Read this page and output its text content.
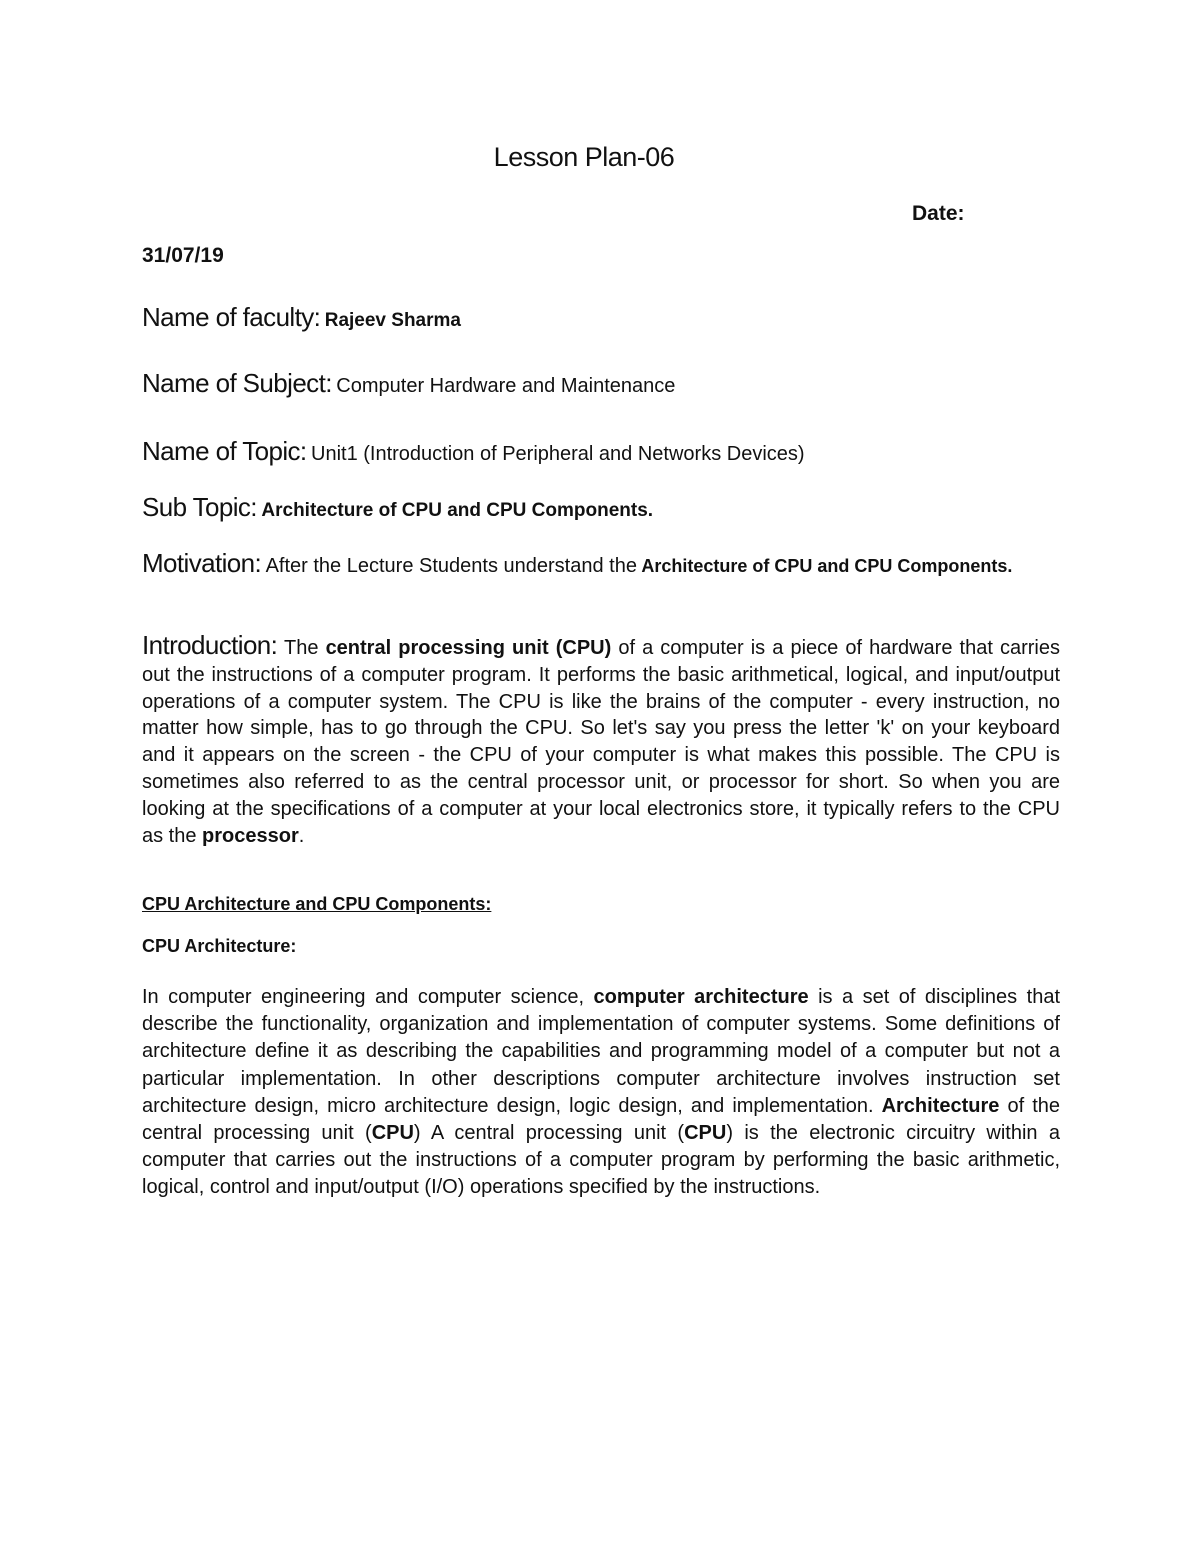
Lesson Plan-06
Date:
31/07/19
Name of faculty: Rajeev Sharma
Name of Subject: Computer Hardware and Maintenance
Name of Topic: Unit1 (Introduction of Peripheral and Networks Devices)
Sub Topic: Architecture of CPU and CPU Components.
Motivation: After the Lecture Students understand the Architecture of CPU and CPU Components.
Introduction: The central processing unit (CPU) of a computer is a piece of hardware that carries out the instructions of a computer program. It performs the basic arithmetical, logical, and input/output operations of a computer system. The CPU is like the brains of the computer - every instruction, no matter how simple, has to go through the CPU. So let's say you press the letter 'k' on your keyboard and it appears on the screen - the CPU of your computer is what makes this possible. The CPU is sometimes also referred to as the central processor unit, or processor for short. So when you are looking at the specifications of a computer at your local electronics store, it typically refers to the CPU as the processor.
CPU Architecture and CPU Components:
CPU Architecture:
In computer engineering and computer science, computer architecture is a set of disciplines that describe the functionality, organization and implementation of computer systems. Some definitions of architecture define it as describing the capabilities and programming model of a computer but not a particular implementation. In other descriptions computer architecture involves instruction set architecture design, micro architecture design, logic design, and implementation. Architecture of the central processing unit (CPU) A central processing unit (CPU) is the electronic circuitry within a computer that carries out the instructions of a computer program by performing the basic arithmetic, logical, control and input/output (I/O) operations specified by the instructions.
